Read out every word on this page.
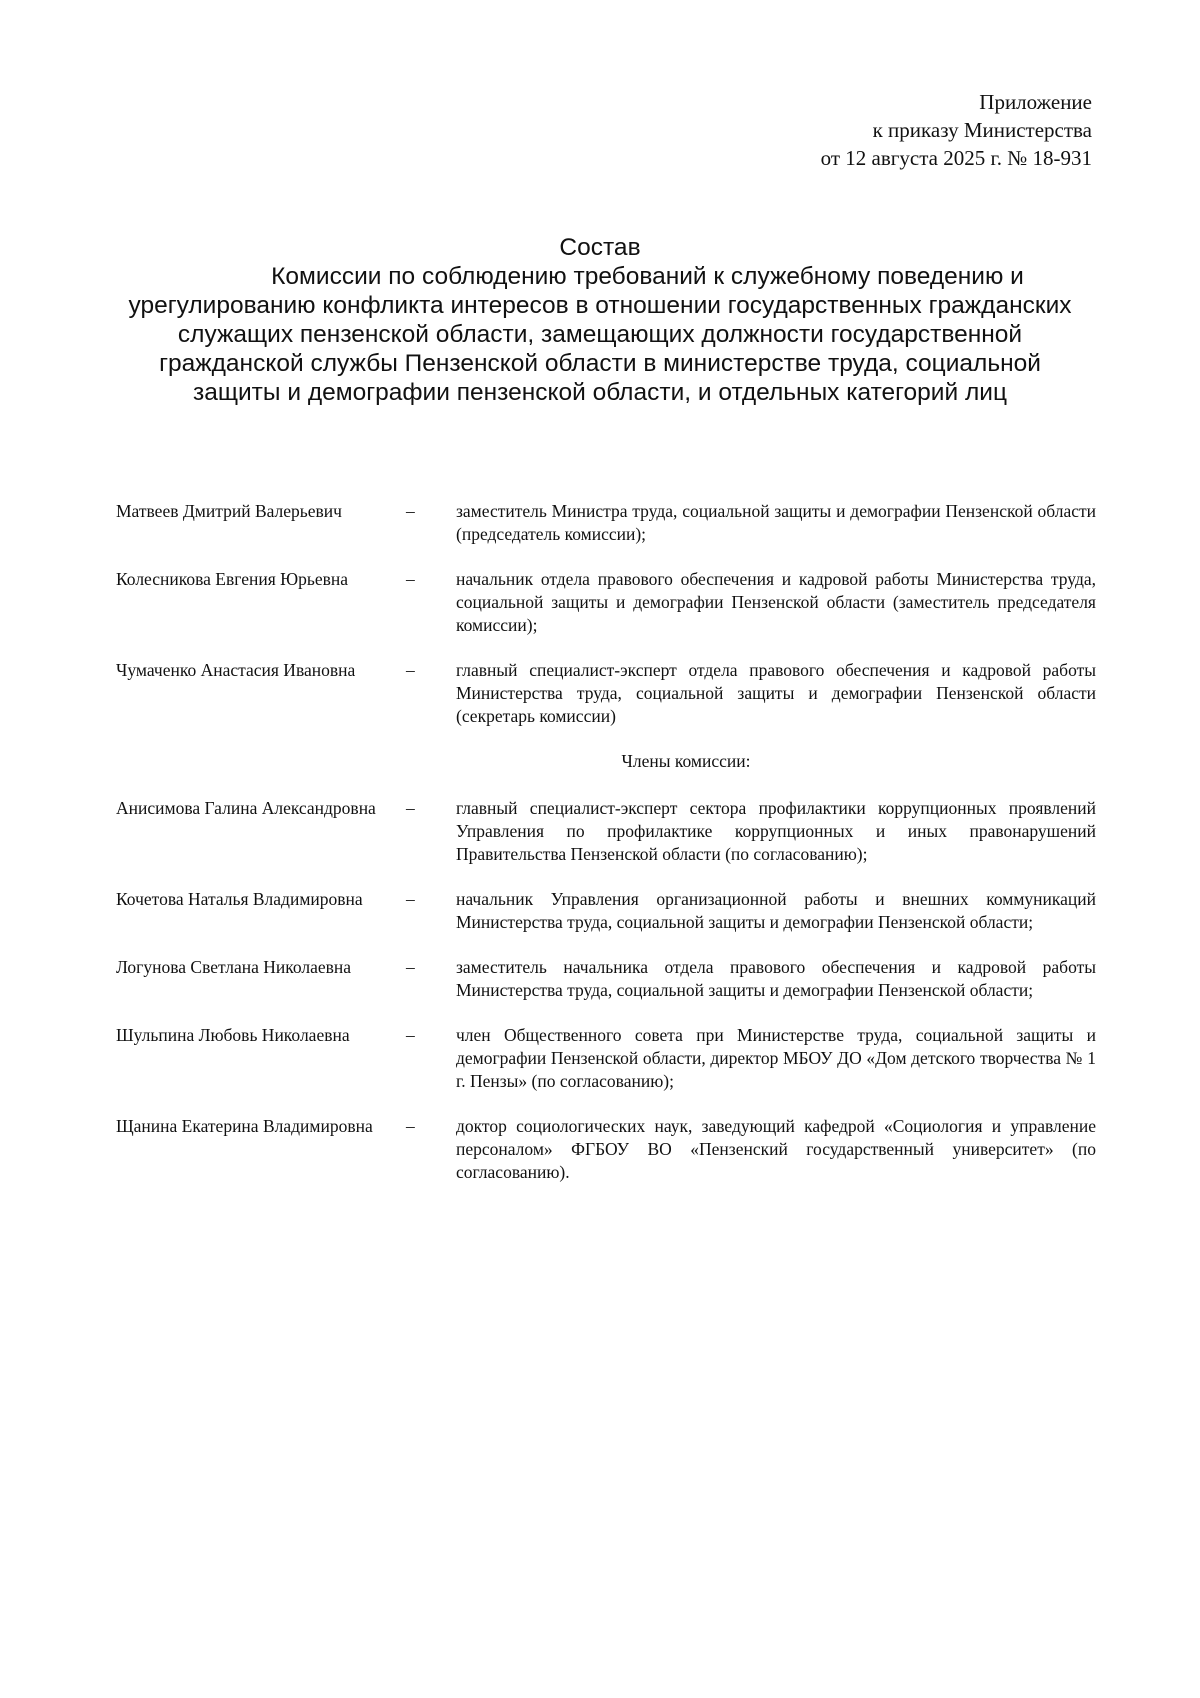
Приложение
к приказу Министерства
от 12 августа 2025 г. № 18-931
Состав
Комиссии по соблюдению требований к служебному поведению и урегулированию конфликта интересов в отношении государственных гражданских служащих пензенской области, замещающих должности государственной гражданской службы Пензенской области в министерстве труда, социальной защиты и демографии пензенской области, и отдельных категорий лиц
Матвеев Дмитрий Валерьевич	–	заместитель Министра труда, социальной защиты и демографии Пензенской области (председатель комиссии);
Колесникова Евгения Юрьевна	–	начальник отдела правового обеспечения и кадровой работы Министерства труда, социальной защиты и демографии Пензенской области (заместитель председателя комиссии);
Чумаченко Анастасия Ивановна	–	главный специалист-эксперт отдела правового обеспечения и кадровой работы Министерства труда, социальной защиты и демографии Пензенской области (секретарь комиссии)
Члены комиссии:
Анисимова Галина Александровна	–	главный специалист-эксперт сектора профилактики коррупционных проявлений Управления по профилактике коррупционных и иных правонарушений Правительства Пензенской области (по согласованию);
Кочетова Наталья Владимировна	–	начальник Управления организационной работы и внешних коммуникаций Министерства труда, социальной защиты и демографии Пензенской области;
Логунова Светлана Николаевна	–	заместитель начальника отдела правового обеспечения и кадровой работы Министерства труда, социальной защиты и демографии Пензенской области;
Шульпина Любовь Николаевна	–	член Общественного совета при Министерстве труда, социальной защиты и демографии Пензенской области, директор МБОУ ДО «Дом детского творчества № 1 г. Пензы» (по согласованию);
Щанина Екатерина Владимировна	–	доктор социологических наук, заведующий кафедрой «Социология и управление персоналом» ФГБОУ ВО «Пензенский государственный университет» (по согласованию).
